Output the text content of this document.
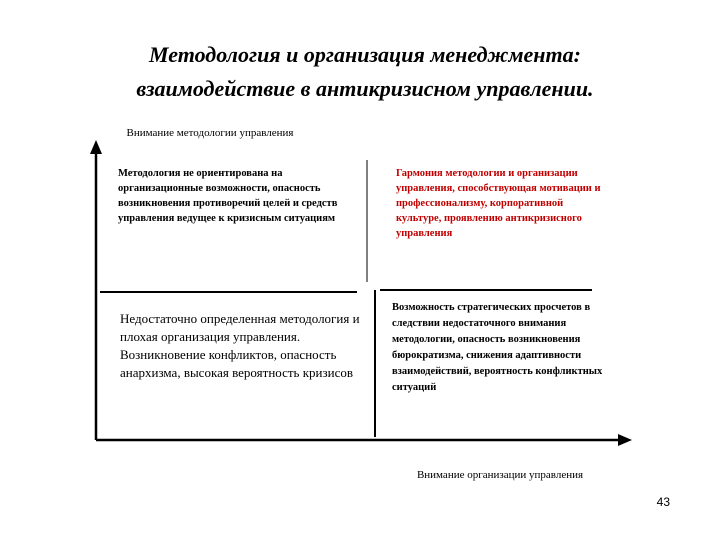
Методология и организация менеджмента:
взаимодействие в антикризисном управлении.
Внимание методологии управления
Методология не ориентирована на организационные возможности, опасность возникновения противоречий целей и средств управления ведущее к кризисным ситуациям
Гармония методологии и организации управления, способствующая мотивации и профессионализму, корпоративной культуре, проявлению антикризисного управления
Недостаточно определенная методология и плохая организация управления. Возникновение конфликтов, опасность анархизма, высокая вероятность кризисов
Возможность стратегических просчетов в следствии недостаточного внимания методологии, опасность возникновения бюрократизма, снижения адаптивности взаимодействий, вероятность конфликтных ситуаций
Внимание организации управления
43
